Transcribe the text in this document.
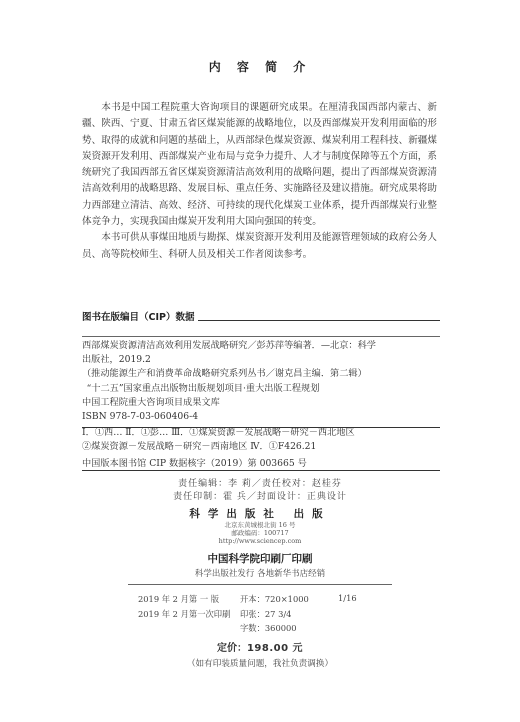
内 容 简 介

本书是中国工程院重大咨询项目的课题研究成果。在厘清我国西部内蒙古、新疆、陕西、宁夏、甘肃五省区煤炭能源的战略地位，以及西部煤炭开发利用面临的形势、取得的成就和问题的基础上，从西部绿色煤炭资源、煤炭利用工程科技、新疆煤炭资源开发利用、西部煤炭产业布局与竞争力提升、人才与制度保障等五个方面，系统研究了我国西部五省区煤炭资源清洁高效利用的战略问题，提出了西部煤炭资源清洁高效利用的战略思路、发展目标、重点任务、实施路径及建议措施。研究成果将助力西部建立清洁、高效、经济、可持续的现代化煤炭工业体系，提升西部煤炭行业整体竞争力，实现我国由煤炭开发利用大国向强国的转变。

本书可供从事煤田地质与勘探、煤炭资源开发利用及能源管理领域的政府公务人员、高等院校师生、科研人员及相关工作者阅读参考。

图书在版编目（CIP）数据
西部煤炭资源清洁高效利用发展战略研究／彭苏萍等编著．—北京：科学
出版社，2019.2
（推动能源生产和消费革命战略研究系列丛书／谢克昌主编．第二辑）
“十二五”国家重点出版物出版规划项目·重大出版工程规划
中国工程院重大咨询项目成果文库
ISBN 978-7-03-060406-4
Ⅰ．①西… Ⅱ．①彭… Ⅲ．①煤炭资源－发展战略－研究－西北地区
②煤炭资源－发展战略－研究－西南地区 Ⅳ．①F426.21
中国版本图书馆 CIP 数据核字（2019）第 003665 号
责任编辑：李 莉／责任校对：赵桂芬
责任印制：霍 兵／封面设计：正典设计
科学出版社 出版
北京东黄城根北街 16 号
邮政编码：100717
http://www.sciencep.com
中国科学院印刷厂印刷
科学出版社发行 各地新华书店经销
2019 年 2 月第 一 版	开本：720×1000	1/16
2019 年 2 月第一次印刷 印张：27 3/4
字数：360000
定价：198.00 元
（如有印装质量问题，我社负责调换）
